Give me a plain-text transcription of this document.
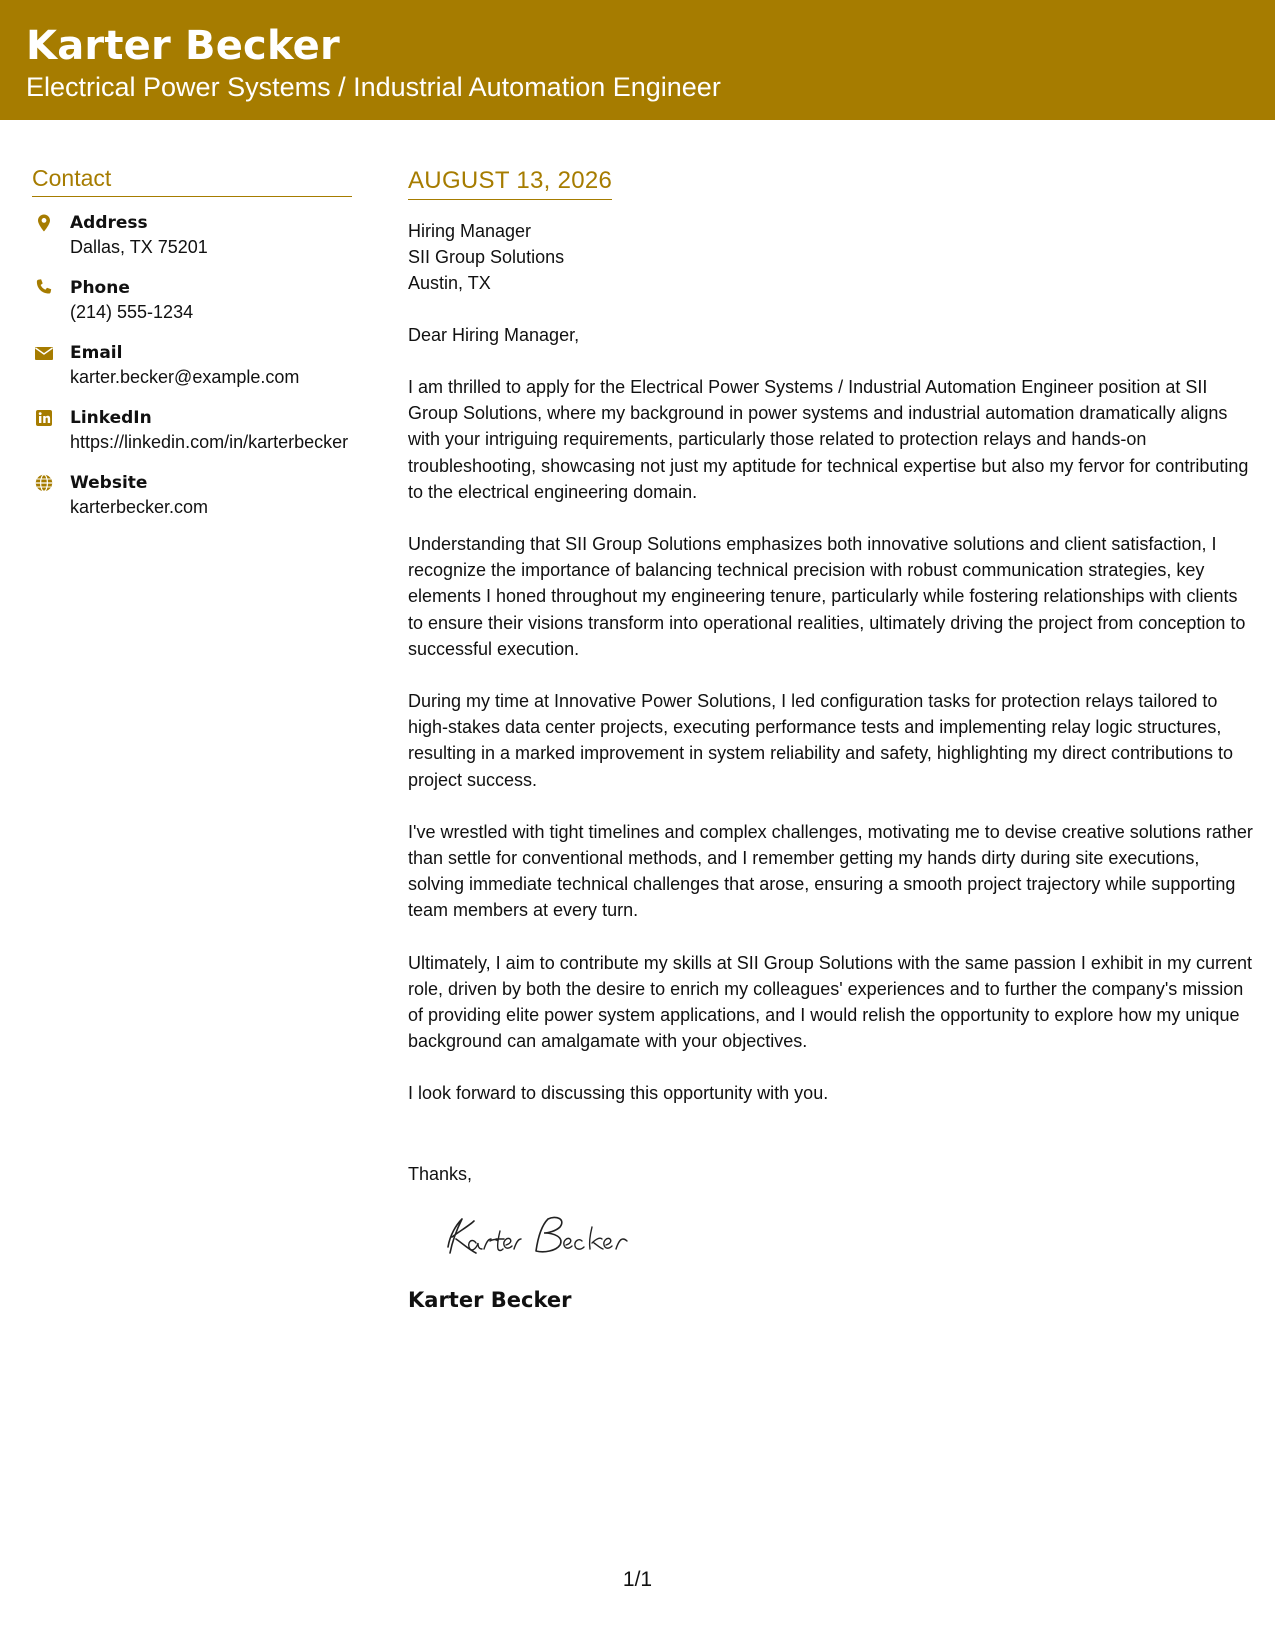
Karter Becker
Electrical Power Systems / Industrial Automation Engineer
Contact
Address
Dallas, TX 75201
Phone
(214) 555-1234
Email
karter.becker@example.com
LinkedIn
https://linkedin.com/in/karterbecker
Website
karterbecker.com
AUGUST 13, 2026
Hiring Manager
SII Group Solutions
Austin, TX
Dear Hiring Manager,
I am thrilled to apply for the Electrical Power Systems / Industrial Automation Engineer position at SII Group Solutions, where my background in power systems and industrial automation dramatically aligns with your intriguing requirements, particularly those related to protection relays and hands-on troubleshooting, showcasing not just my aptitude for technical expertise but also my fervor for contributing to the electrical engineering domain.
Understanding that SII Group Solutions emphasizes both innovative solutions and client satisfaction, I recognize the importance of balancing technical precision with robust communication strategies, key elements I honed throughout my engineering tenure, particularly while fostering relationships with clients to ensure their visions transform into operational realities, ultimately driving the project from conception to successful execution.
During my time at Innovative Power Solutions, I led configuration tasks for protection relays tailored to high-stakes data center projects, executing performance tests and implementing relay logic structures, resulting in a marked improvement in system reliability and safety, highlighting my direct contributions to project success.
I've wrestled with tight timelines and complex challenges, motivating me to devise creative solutions rather than settle for conventional methods, and I remember getting my hands dirty during site executions, solving immediate technical challenges that arose, ensuring a smooth project trajectory while supporting team members at every turn.
Ultimately, I aim to contribute my skills at SII Group Solutions with the same passion I exhibit in my current role, driven by both the desire to enrich my colleagues' experiences and to further the company's mission of providing elite power system applications, and I would relish the opportunity to explore how my unique background can amalgamate with your objectives.
I look forward to discussing this opportunity with you.
Thanks,
Karter Becker
1/1
